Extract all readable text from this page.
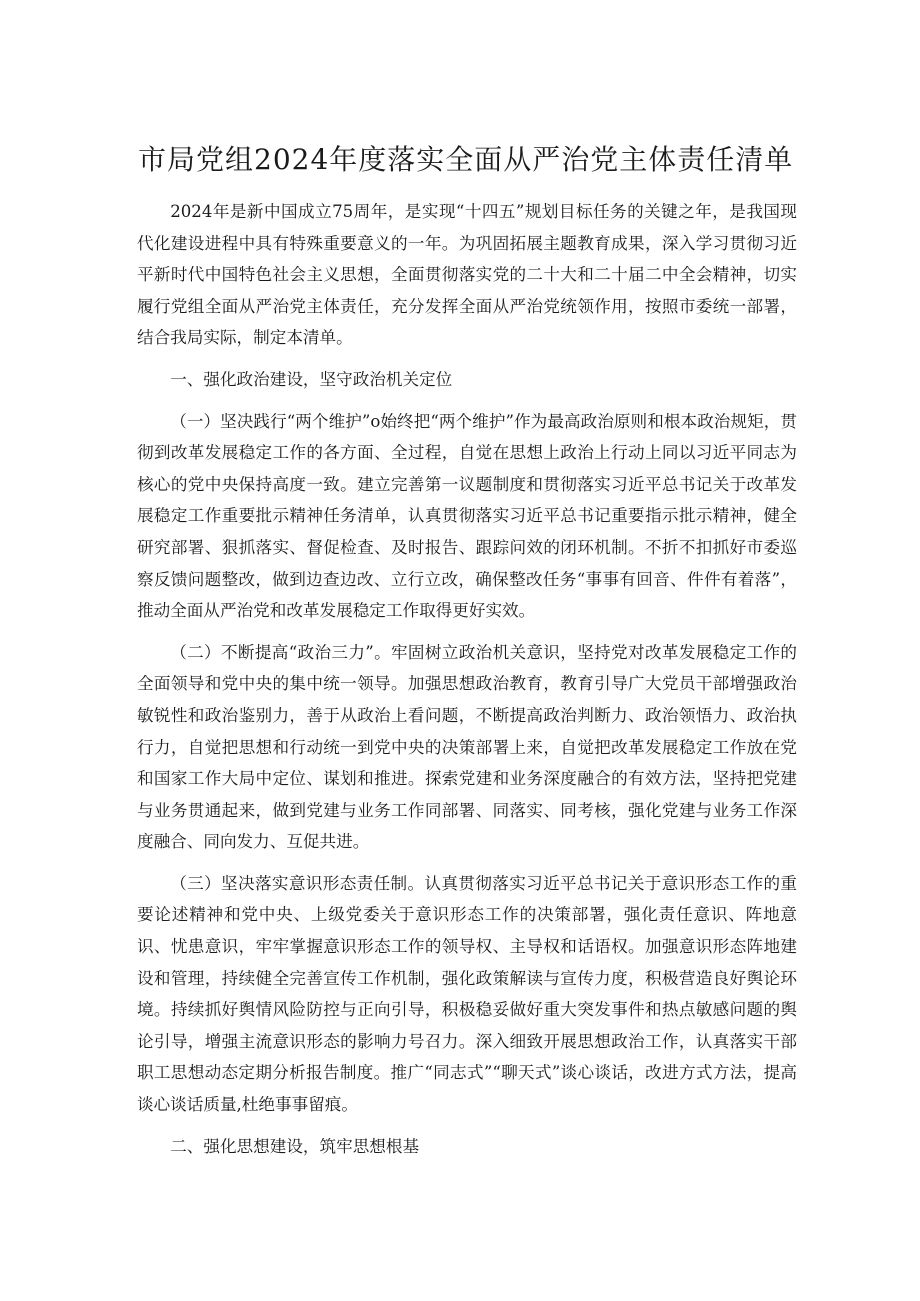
市局党组2024年度落实全面从严治党主体责任清单

2024年是新中国成立75周年，是实现“十四五”规划目标任务的关键之年，是我国现代化建设进程中具有特殊重要意义的一年。为巩固拓展主题教育成果，深入学习贯彻习近平新时代中国特色社会主义思想，全面贯彻落实党的二十大和二十届二中全会精神，切实履行党组全面从严治党主体责任，充分发挥全面从严治党统领作用，按照市委统一部署，结合我局实际，制定本清单。

一、强化政治建设，坚守政治机关定位

（一）坚决践行“两个维护”o始终把“两个维护”作为最高政治原则和根本政治规矩，贯彻到改革发展稳定工作的各方面、全过程，自觉在思想上政治上行动上同以习近平同志为核心的党中央保持高度一致。建立完善第一议题制度和贯彻落实习近平总书记关于改革发展稳定工作重要批示精神任务清单，认真贯彻落实习近平总书记重要指示批示精神，健全研究部署、狠抓落实、督促检查、及时报告、跟踪问效的闭环机制。不折不扣抓好市委巡察反馈问题整改，做到边查边改、立行立改，确保整改任务“事事有回音、件件有着落”，推动全面从严治党和改革发展稳定工作取得更好实效。

（二）不断提高“政治三力”。牢固树立政治机关意识，坚持党对改革发展稳定工作的全面领导和党中央的集中统一领导。加强思想政治教育，教育引导广大党员干部增强政治敏锐性和政治鉴别力，善于从政治上看问题，不断提高政治判断力、政治领悟力、政治执行力，自觉把思想和行动统一到党中央的决策部署上来，自觉把改革发展稳定工作放在党和国家工作大局中定位、谋划和推进。探索党建和业务深度融合的有效方法，坚持把党建与业务贯通起来，做到党建与业务工作同部署、同落实、同考核，强化党建与业务工作深度融合、同向发力、互促共进。

（三）坚决落实意识形态责任制。认真贯彻落实习近平总书记关于意识形态工作的重要论述精神和党中央、上级党委关于意识形态工作的决策部署，强化责任意识、阵地意识、忧患意识，牢牢掌握意识形态工作的领导权、主导权和话语权。加强意识形态阵地建设和管理，持续健全完善宣传工作机制，强化政策解读与宣传力度，积极营造良好舆论环境。持续抓好舆情风险防控与正向引导，积极稳妥做好重大突发事件和热点敏感问题的舆论引导，增强主流意识形态的影响力号召力。深入细致开展思想政治工作，认真落实干部职工思想动态定期分析报告制度。推广“同志式”“聊天式”谈心谈话，改进方式方法，提高谈心谈话质量,杜绝事事留痕。

二、强化思想建设，筑牢思想根基
